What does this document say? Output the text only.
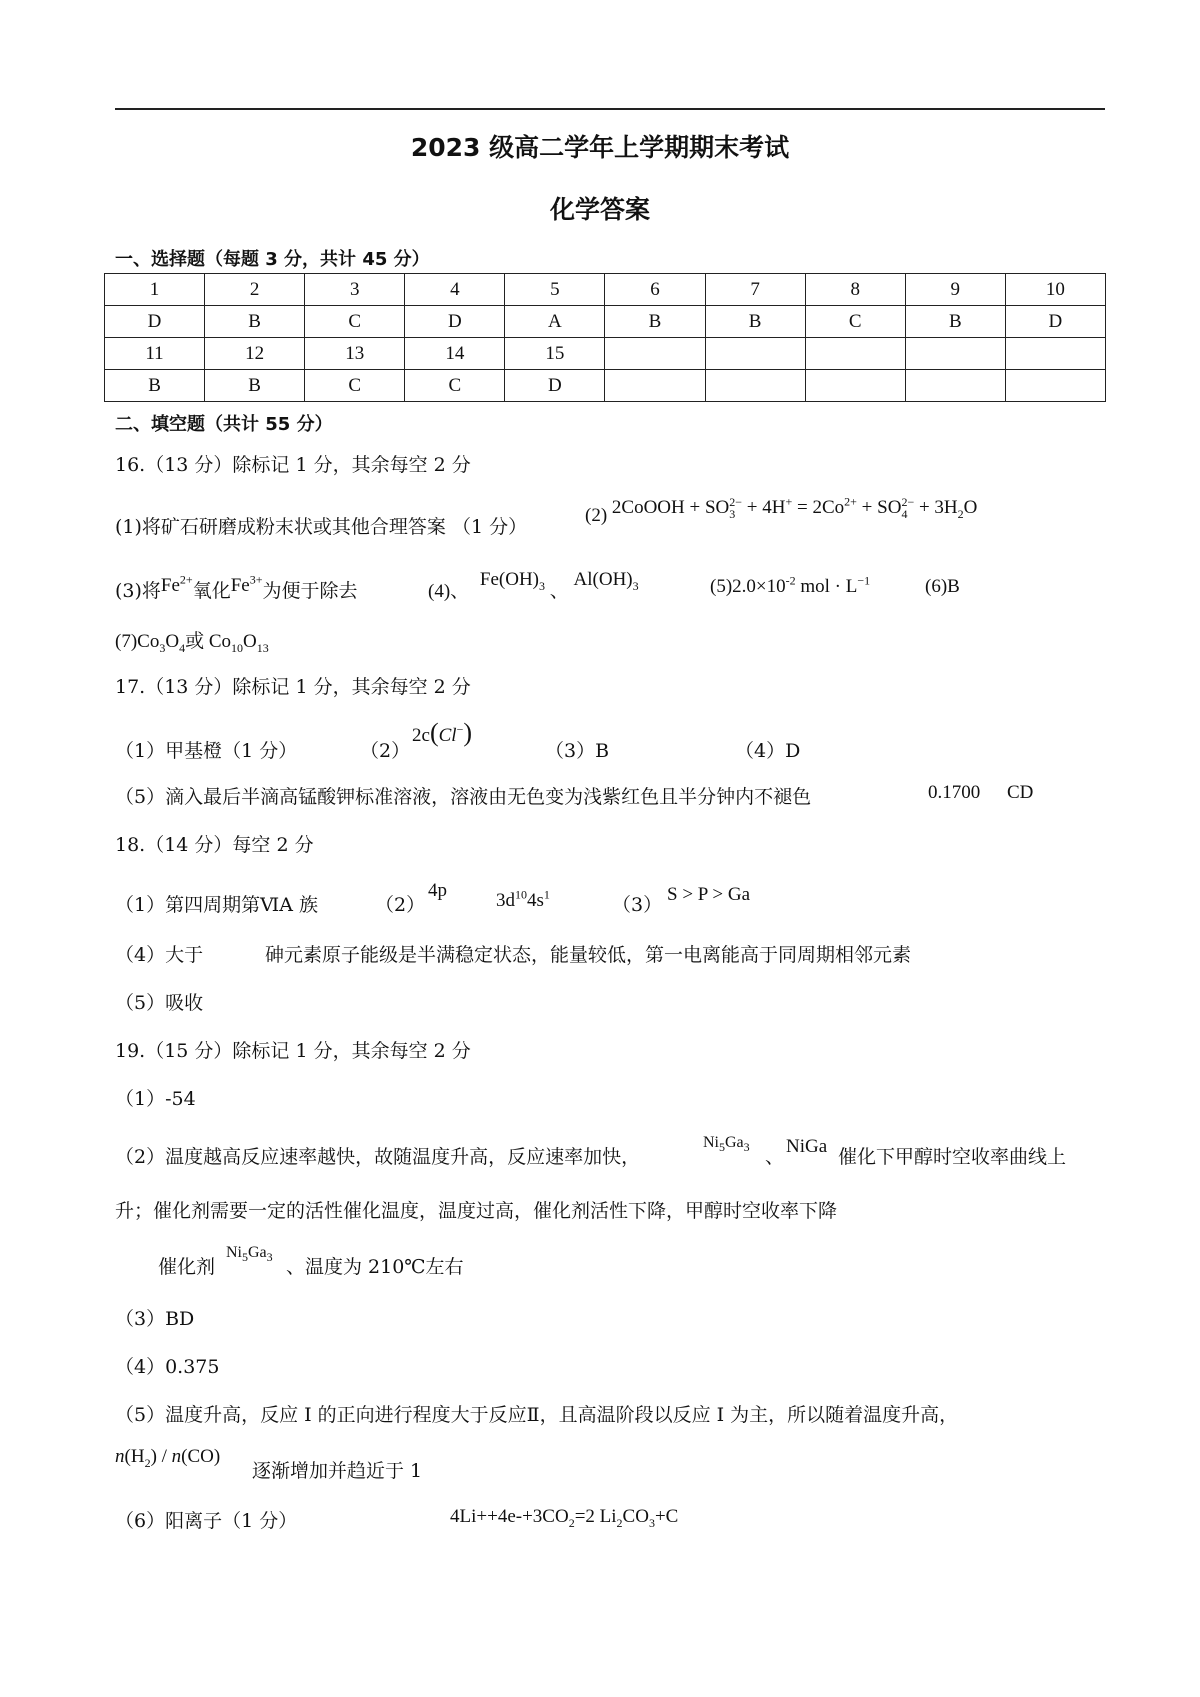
2023 级高二学年上学期期末考试
化学答案
一、选择题（每题 3 分，共计 45 分）
1	2	3	4	5	6	7	8	9	10
D	B	C	D	A	B	B	C	B	D
11	12	13	14	15					
B	B	C	C	D					
二、填空题（共计 55 分）
16.（13 分）除标记 1 分，其余每空 2 分
(1)将矿石研磨成粉末状或其他合理答案 （1 分）
(2) 2CoOOH + $SO_3^{2-} + 4H^+ = 2Co^{2+} + SO_4^{2-} + 3H_2O$
(3)将$Fe^{2+}$氧化$Fe^{3+}$为便于除去	(4)、 $Fe(OH)_3$ 、 $Al(OH)_3$	$(5)2.0\times 10^{-2}$ mol · $L^{-1}$	(6)B
$(7)Co_3O_4$或 $Co_{10}O_{13}$
17.（13 分）除标记 1 分，其余每空 2 分
（1）甲基橙（1 分）	（2）
2c(Cl−)
（3）B	（4）D
（5）滴入最后半滴高锰酸钾标准溶液，溶液由无色变为浅紫红色且半分钟内不褪色	0.1700 CD
18.（14 分）每空 2 分
（1）第四周期第ⅥA 族	（2）
4p	$3d^{10}4s^1$	（3） S > P > Ga
（4）大于	砷元素原子能级是半满稳定状态，能量较低，第一电离能高于同周期相邻元素
（5）吸收
19.（15 分）除标记 1 分，其余每空 2 分
（1）-54
（2）温度越高反应速率越快，故随温度升高，反应速率加快，
$Ni_5Ga_3$ 、 NiGa 催化下甲醇时空收率曲线上
升；催化剂需要一定的活性催化温度，温度过高，催化剂活性下降，甲醇时空收率下降
催化剂
$Ni_5Ga_3$ 、温度为 210℃左右
（3）BD
（4）0.375
（5）温度升高，反应 I 的正向进行程度大于反应Ⅱ，且高温阶段以反应 I 为主，所以随着温度升高，
$n(H_2) / n(CO)$
逐渐增加并趋近于 1
（6）阳离子（1 分）	$4Li++4e-+3CO_2=2$ $Li_2CO_3+C$
